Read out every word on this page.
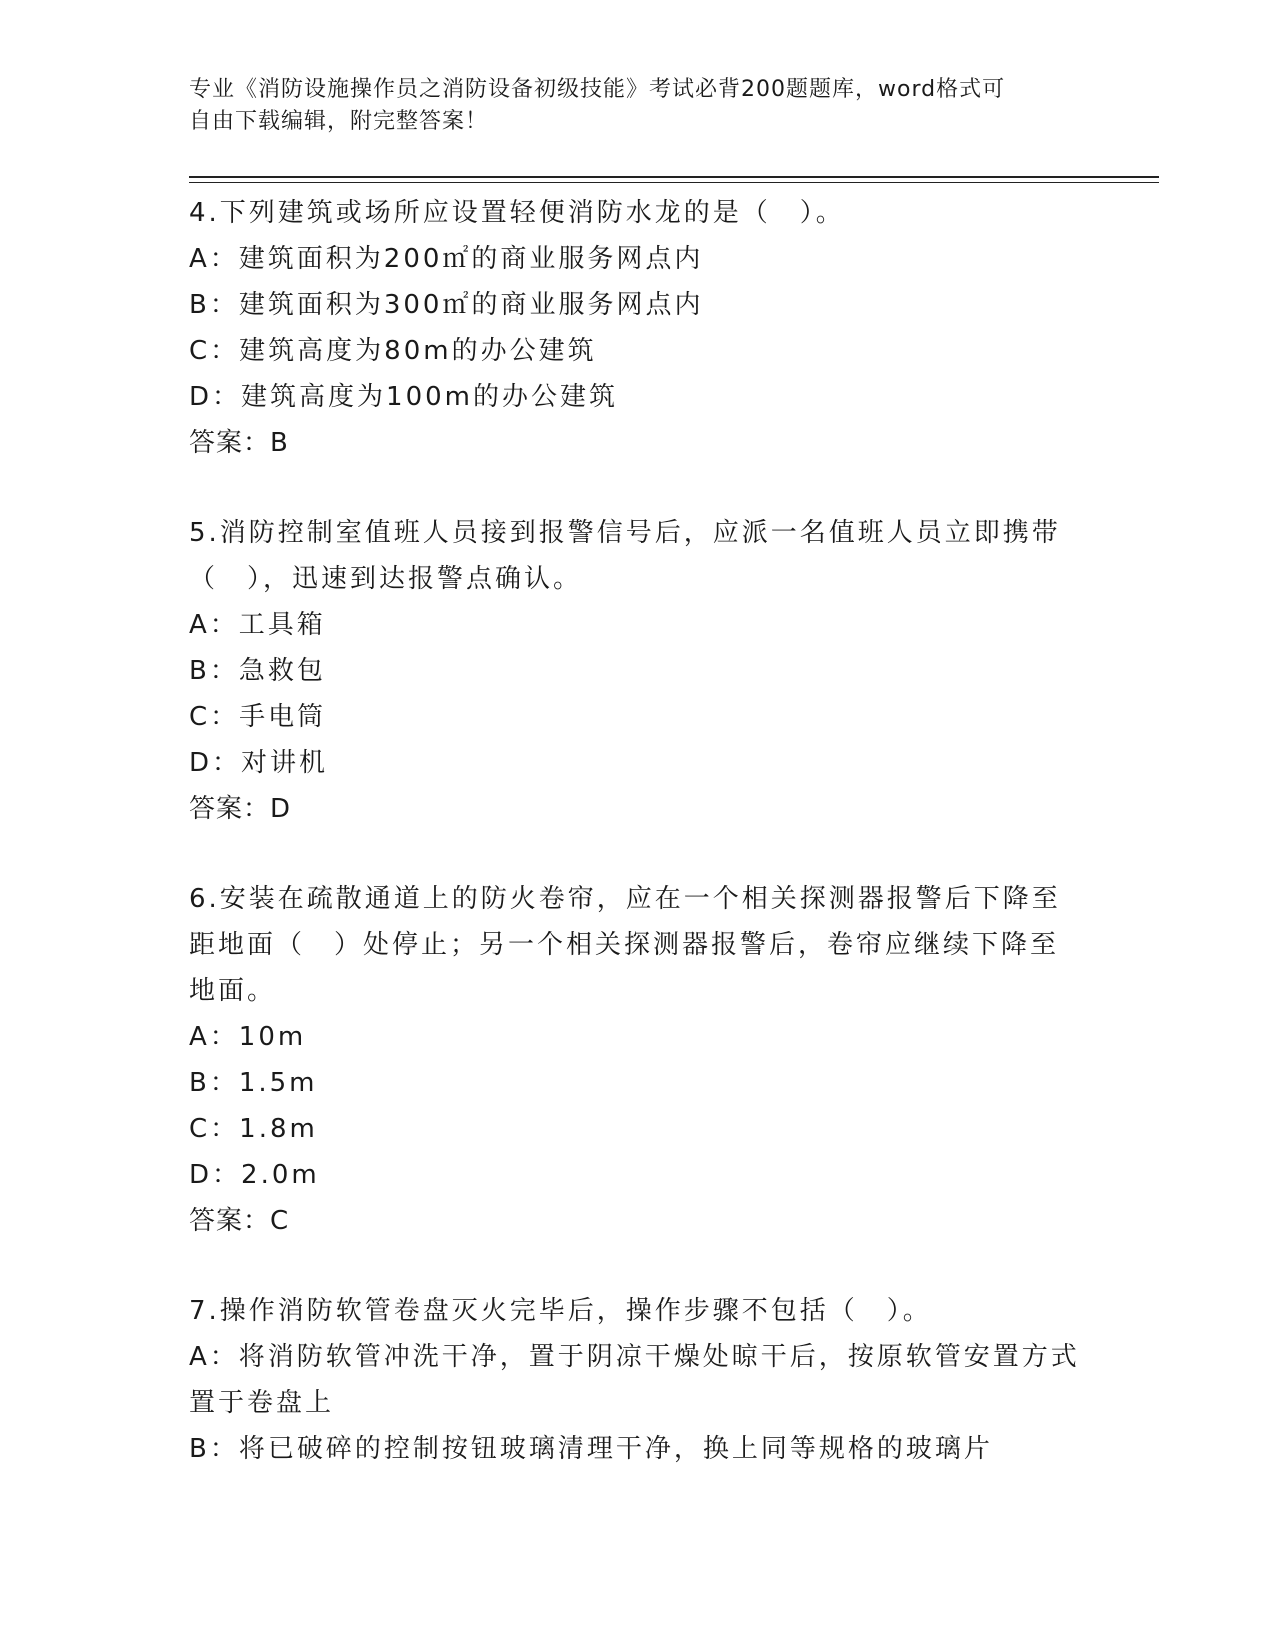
专业《消防设施操作员之消防设备初级技能》考试必背200题题库，word格式可
自由下载编辑，附完整答案！
4.下列建筑或场所应设置轻便消防水龙的是（　）。
A：建筑面积为200㎡的商业服务网点内
B：建筑面积为300㎡的商业服务网点内
C：建筑高度为80m的办公建筑
D：建筑高度为100m的办公建筑
答案：B
5.消防控制室值班人员接到报警信号后，应派一名值班人员立即携带
（　），迅速到达报警点确认。
A：工具箱
B：急救包
C：手电筒
D：对讲机
答案：D
6.安装在疏散通道上的防火卷帘，应在一个相关探测器报警后下降至
距地面（　）处停止；另一个相关探测器报警后，卷帘应继续下降至
地面。
A：10m
B：1.5m
C：1.8m
D：2.0m
答案：C
7.操作消防软管卷盘灭火完毕后，操作步骤不包括（　）。
A：将消防软管冲洗干净，置于阴凉干燥处晾干后，按原软管安置方式
置于卷盘上
B：将已破碎的控制按钮玻璃清理干净，换上同等规格的玻璃片
